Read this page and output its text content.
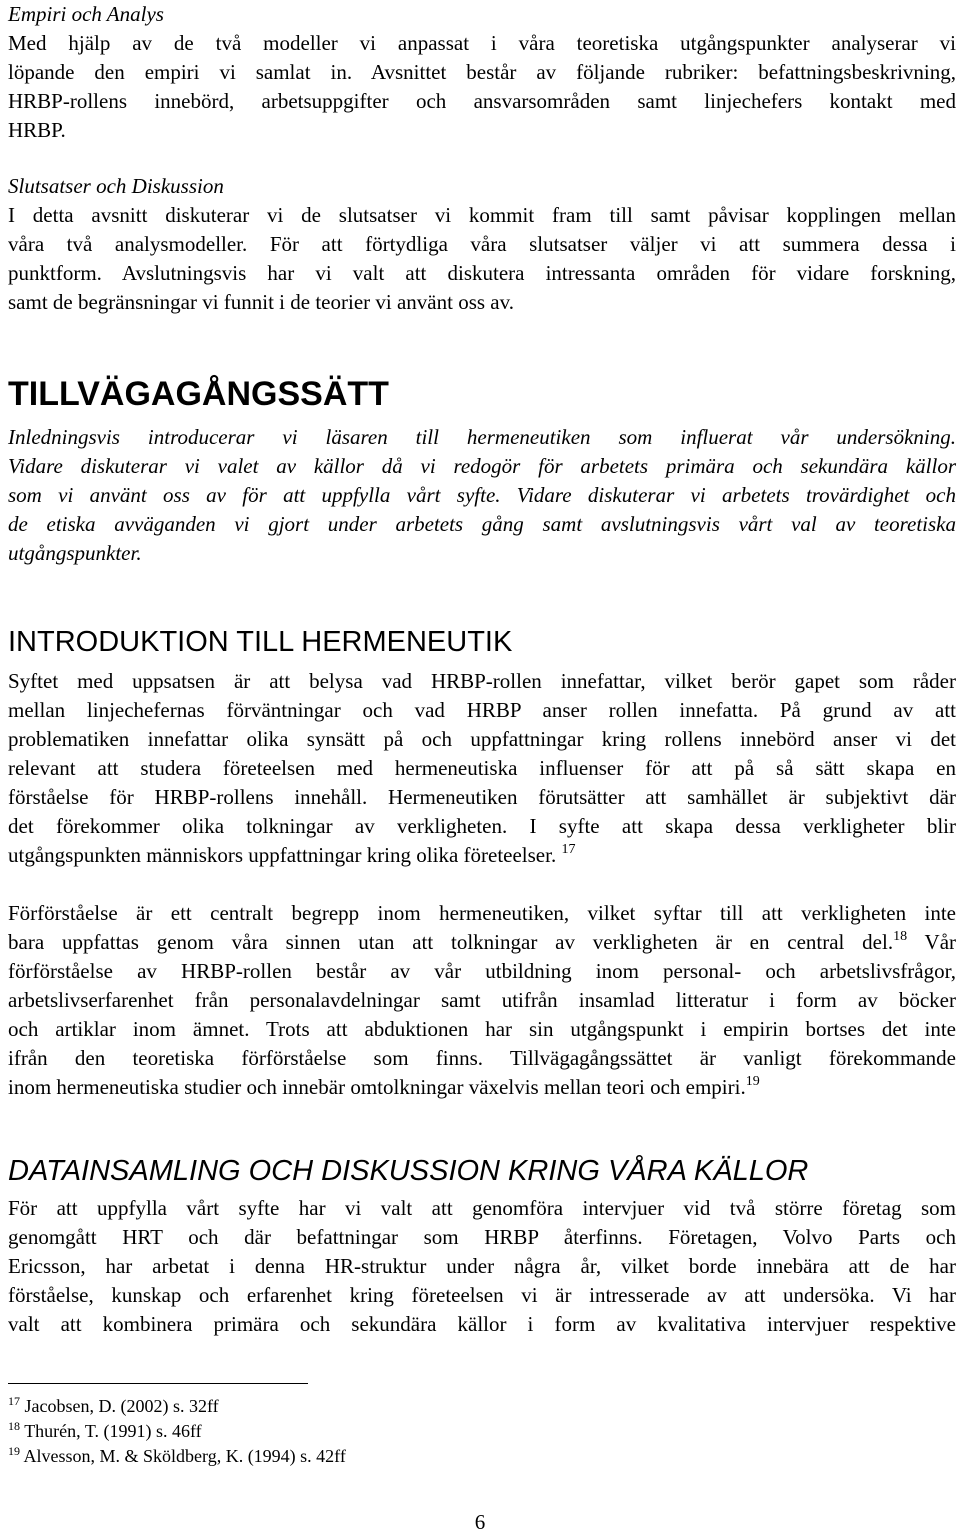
Empiri och Analys
Med hjälp av de två modeller vi anpassat i våra teoretiska utgångspunkter analyserar vi
löpande den empiri vi samlat in. Avsnittet består av följande rubriker: befattningsbeskrivning,
HRBP-rollens innebörd, arbetsuppgifter och ansvarsområden samt linjechefers kontakt med
HRBP.
Slutsatser och Diskussion
I detta avsnitt diskuterar vi de slutsatser vi kommit fram till samt påvisar kopplingen mellan
våra två analysmodeller. För att förtydliga våra slutsatser väljer vi att summera dessa i
punktform. Avslutningsvis har vi valt att diskutera intressanta områden för vidare forskning,
samt de begränsningar vi funnit i de teorier vi använt oss av.
TILLVÄGAGÅNGSSÄTT
Inledningsvis introducerar vi läsaren till hermeneutiken som influerat vår undersökning.
Vidare diskuterar vi valet av källor då vi redogör för arbetets primära och sekundära källor
som vi använt oss av för att uppfylla vårt syfte. Vidare diskuterar vi arbetets trovärdighet och
de etiska avväganden vi gjort under arbetets gång samt avslutningsvis vårt val av teoretiska
utgångspunkter.
INTRODUKTION TILL HERMENEUTIK
Syftet med uppsatsen är att belysa vad HRBP-rollen innefattar, vilket berör gapet som råder
mellan linjechefernas förväntningar och vad HRBP anser rollen innefatta. På grund av att
problematiken innefattar olika synsätt på och uppfattningar kring rollens innebörd anser vi det
relevant att studera företeelsen med hermeneutiska influenser för att på så sätt skapa en
förståelse för HRBP-rollens innehåll. Hermeneutiken förutsätter att samhället är subjektivt där
det förekommer olika tolkningar av verkligheten. I syfte att skapa dessa verkligheter blir
utgångspunkten människors uppfattningar kring olika företeelser. $^{17}$
Förförståelse är ett centralt begrepp inom hermeneutiken, vilket syftar till att verkligheten inte
bara uppfattas genom våra sinnen utan att tolkningar av verkligheten är en central del.$^{18}$ Vår
förförståelse av HRBP-rollen består av vår utbildning inom personal- och arbetslivsfrågor,
arbetslivserfarenhet från personalavdelningar samt utifrån insamlad litteratur i form av böcker
och artiklar inom ämnet. Trots att abduktionen har sin utgångspunkt i empirin bortses det inte
ifrån den teoretiska förförståelse som finns. Tillvägagångssättet är vanligt förekommande
inom hermeneutiska studier och innebär omtolkningar växelvis mellan teori och empiri.$^{19}$
DATAINSAMLING OCH DISKUSSION KRING VÅRA KÄLLOR
För att uppfylla vårt syfte har vi valt att genomföra intervjuer vid två större företag som
genomgått HRT och där befattningar som HRBP återfinns. Företagen, Volvo Parts och
Ericsson, har arbetat i denna HR-struktur under några år, vilket borde innebära att de har
förståelse, kunskap och erfarenhet kring företeelsen vi är intresserade av att undersöka. Vi har
valt att kombinera primära och sekundära källor i form av kvalitativa intervjuer respektive
$^{17}$ Jacobsen, D. (2002) s. 32ff
$^{18}$ Thurén, T. (1991) s. 46ff
$^{19}$ Alvesson, M. & Sköldberg, K. (1994) s. 42ff
6
